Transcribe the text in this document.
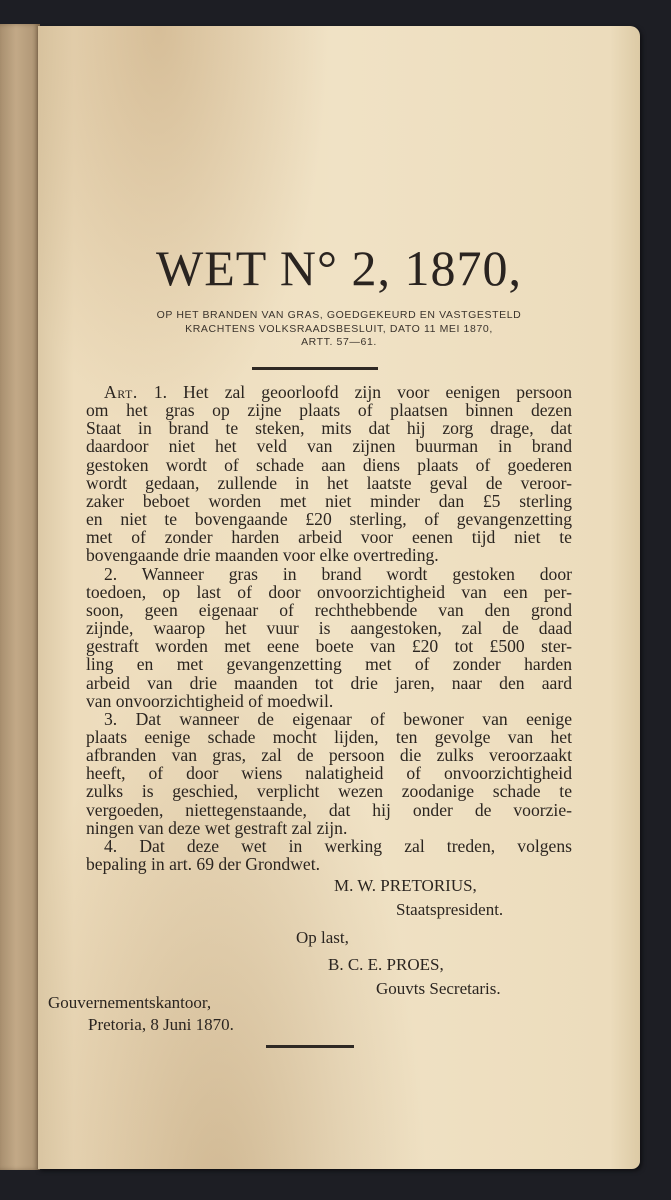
WET N° 2, 1870,
OP HET BRANDEN VAN GRAS, GOEDGEKEURD EN VASTGESTELD
KRACHTENS VOLKSRAADSBESLUIT, DATO 11 MEI 1870,
ARTT. 57—61.
Art. 1. Het zal geoorloofd zijn voor eenigen persoon
om het gras op zijne plaats of plaatsen binnen dezen
Staat in brand te steken, mits dat hij zorg drage, dat
daardoor niet het veld van zijnen buurman in brand
gestoken wordt of schade aan diens plaats of goederen
wordt gedaan, zullende in het laatste geval de veroor-
zaker beboet worden met niet minder dan £5 sterling
en niet te bovengaande £20 sterling, of gevangenzetting
met of zonder harden arbeid voor eenen tijd niet te
bovengaande drie maanden voor elke overtreding.
2. Wanneer gras in brand wordt gestoken door
toedoen, op last of door onvoorzichtigheid van een per-
soon, geen eigenaar of rechthebbende van den grond
zijnde, waarop het vuur is aangestoken, zal de daad
gestraft worden met eene boete van £20 tot £500 ster-
ling en met gevangenzetting met of zonder harden
arbeid van drie maanden tot drie jaren, naar den aard
van onvoorzichtigheid of moedwil.
3. Dat wanneer de eigenaar of bewoner van eenige
plaats eenige schade mocht lijden, ten gevolge van het
afbranden van gras, zal de persoon die zulks veroorzaakt
heeft, of door wiens nalatigheid of onvoorzichtigheid
zulks is geschied, verplicht wezen zoodanige schade te
vergoeden, niettegenstaande, dat hij onder de voorzie-
ningen van deze wet gestraft zal zijn.
4. Dat deze wet in werking zal treden, volgens
bepaling in art. 69 der Grondwet.
M. W. PRETORIUS,
Staatspresident.
Op last,
B. C. E. PROES,
Gouvts Secretaris.
Gouvernementskantoor,
Pretoria, 8 Juni 1870.
